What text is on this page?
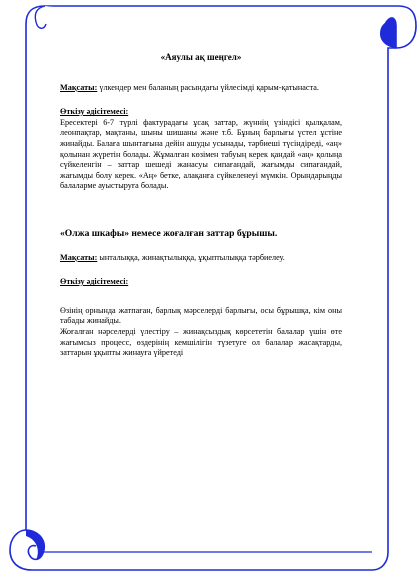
«Аяулы ақ шеңгел»

Мақсаты: үлкендер мен баланың расындағы үйлесімді қарым-қатынаста.

Өткізу әдісітемесі:

Ересектері 6-7 түрлі фактурадағы ұсақ заттар, жүннің үзіндісі қылқалам, леонпақтар, мақтаны, шыны шишаны және т.б. Бұның барлығы үстел ұстіне жинайды. Балаға шынтағына дейін ашуды усынады, тәрбиеші түсіндіреді, «аң» қолынан жүретін болады. Жұмалған көзімен табуың керек қандай «аң» қолыңа сүйкеленгін – заттар шешеді жанасуы сипағандай, жағымды сипағандай, жағымды болу керек. «Аң» бетке, алақанға сүйкеленеуі мүмкін. Орындарыңды балаларме ауыстыруға болады.

«Олжа шкафы» немесе жоғалған заттар бұрышы.

Мақсаты: ынталыққа, жинақтылыққа, ұқыптылыққа тәрбиелеу.

Өткізу әдісітемесі:

Өзінің орнында жатпаған, барлық мәрселерді барлығы, осы бұрышқа, кім оны табады жинайды.

Жоғалған нәрселерді үлестіру – жинақсыздық көрсететін балалар үшін өте жағымсыз процесс, өздерінің кемшілігін түзетуге ол балалар жасақтарды, заттарын ұқыпты жинауға үйретеді
